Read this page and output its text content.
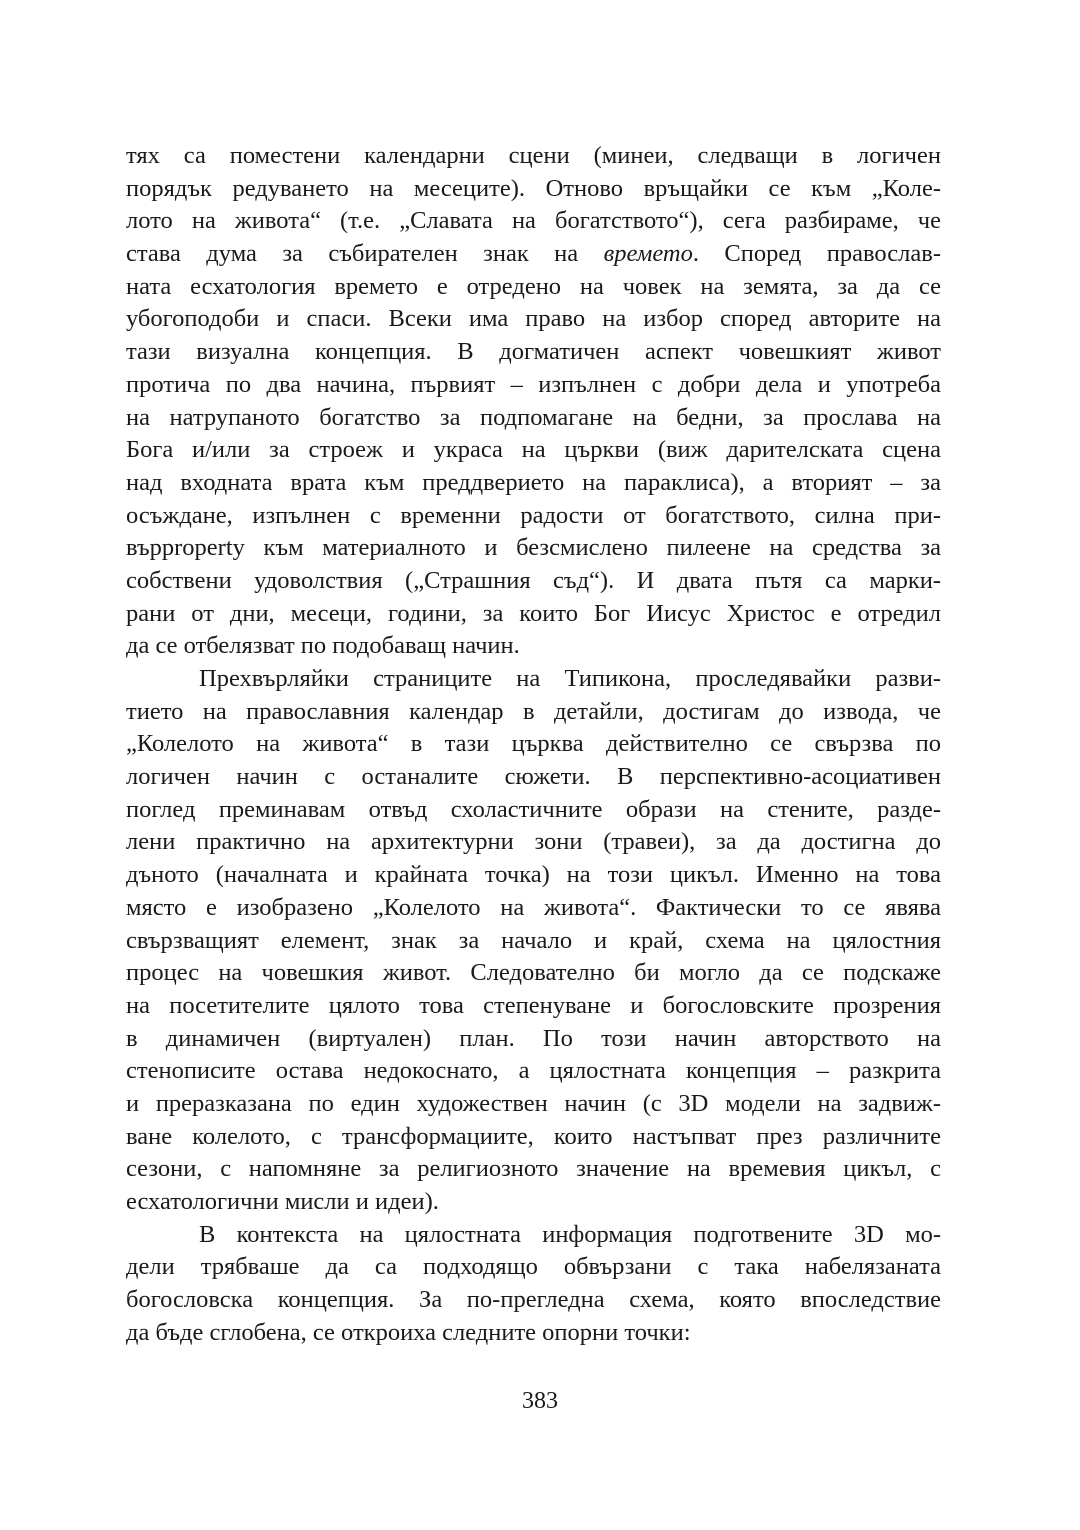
тях са поместени календарни сцени (минеи, следващи в логичен
порядък редуването на месеците). Отново връщайки се към „Коле-
лото на живота“ (т.е. „Славата на богатството“), сега разбираме, че
става дума за събирателен знак на времето. Според православ-
ната есхатология времето е отредено на човек на земята, за да се
убогоподоби и спаси. Всеки има право на избор според авторите на
тази визуална концепция. В догматичен аспект човешкият живот
протича по два начина, първият – изпълнен с добри дела и употреба
на натрупаното богатство за подпомагане на бедни, за прослава на
Бога и/или за строеж и украса на църкви (виж дарителската сцена
над входната врата към преддверието на параклиса), а вторият – за
осъждане, изпълнен с временни радости от богатството, силна при-
върproperty към материалното и безсмислено пилеене на средства за
собствени удоволствия („Страшния съд“). И двата пътя са марки-
рани от дни, месеци, години, за които Бог Иисус Христос е отредил
да се отбелязват по подобаващ начин.
Прехвърляйки страниците на Типикона, проследявайки разви-
тието на православния календар в детайли, достигам до извода, че
„Колелото на живота“ в тази църква действително се свързва по
логичен начин с останалите сюжети. В перспективно-асоциативен
поглед преминавам отвъд схоластичните образи на стените, разде-
лени практично на архитектурни зони (травеи), за да достигна до
дъното (началната и крайната точка) на този цикъл. Именно на това
място е изобразено „Колелото на живота“. Фактически то се явява
свързващият елемент, знак за начало и край, схема на цялостния
процес на човешкия живот. Следователно би могло да се подскаже
на посетителите цялото това степенуване и богословските прозрения
в динамичен (виртуален) план. По този начин авторството на
стенописите остава недокоснато, а цялостната концепция – разкрита
и преразказана по един художествен начин (с 3D модели на задвиж-
ване колелото, с трансформациите, които настъпват през различните
сезони, с напомняне за религиозното значение на времевия цикъл, с
есхатологични мисли и идеи).
В контекста на цялостната информация подготвените 3D мо-
дели трябваше да са подходящо обвързани с така набелязаната
богословска концепция. За по-прегледна схема, която впоследствие
да бъде сглобена, се откроиха следните опорни точки:
383
